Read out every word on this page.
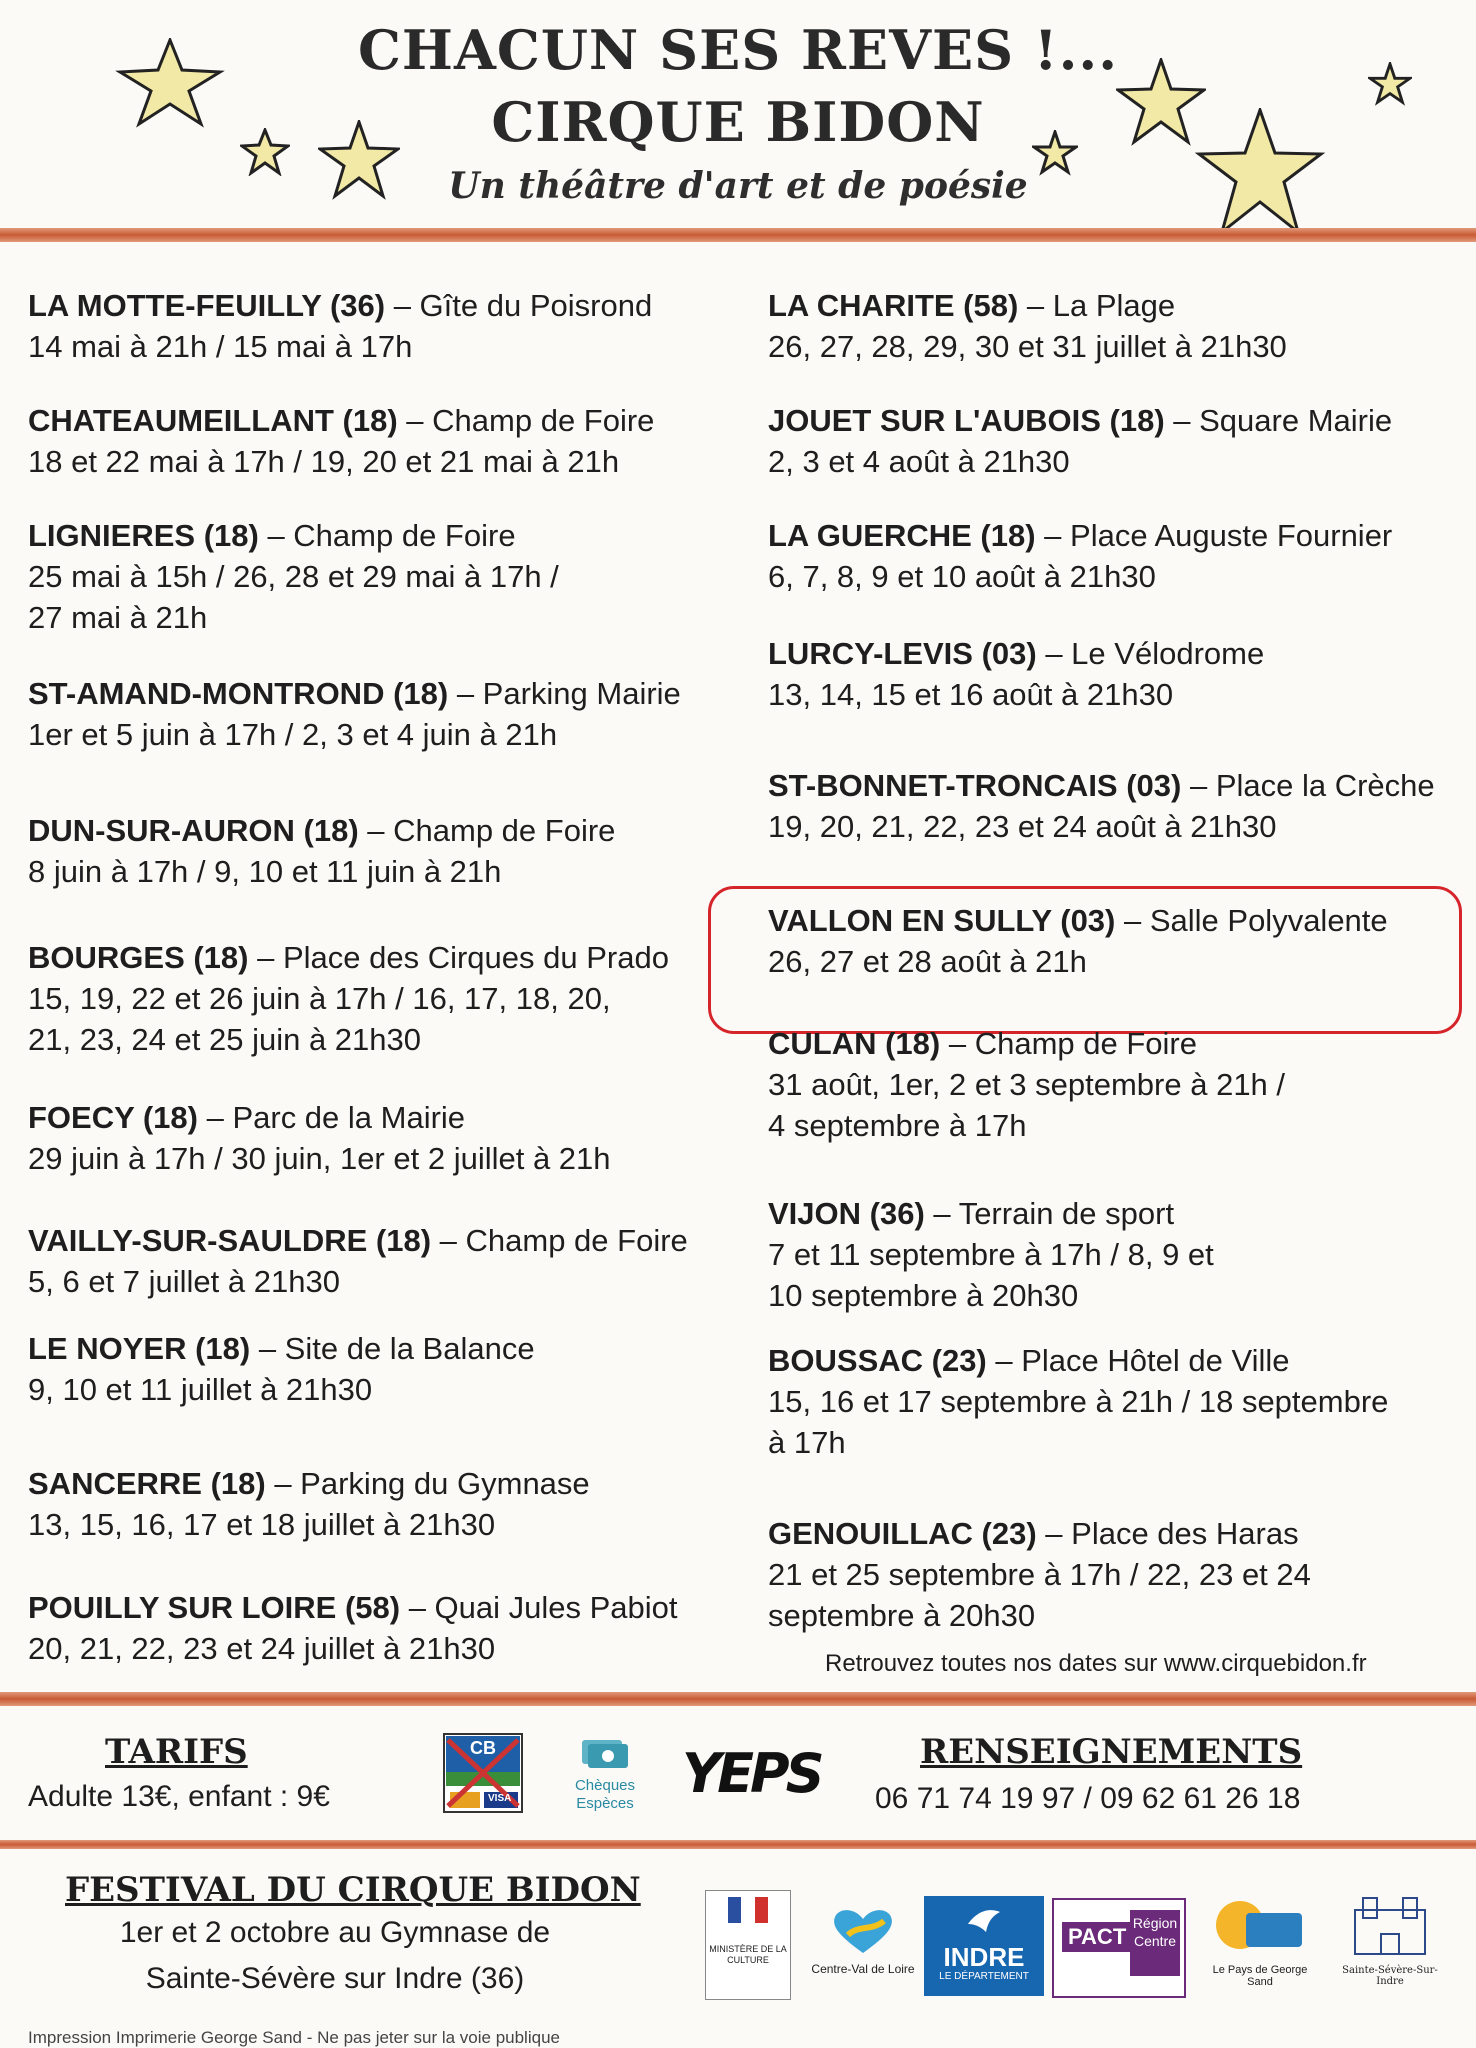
CHACUN SES REVES !...
CIRQUE BIDON
Un théâtre d'art et de poésie
LA MOTTE-FEUILLY (36) – Gîte du Poisrond
14 mai à 21h / 15 mai à 17h
CHATEAUMEILLANT (18) – Champ de Foire
18 et 22 mai à 17h / 19, 20 et 21 mai à 21h
LIGNIERES (18) – Champ de Foire
25 mai à 15h / 26, 28 et 29 mai à 17h /
27 mai à 21h
ST-AMAND-MONTROND (18) – Parking Mairie
1er et 5 juin à 17h / 2, 3 et 4 juin à 21h
DUN-SUR-AURON (18) – Champ de Foire
8 juin à 17h / 9, 10 et 11 juin à 21h
BOURGES (18) – Place des Cirques du Prado
15, 19, 22 et 26 juin à 17h / 16, 17, 18, 20,
21, 23, 24 et 25 juin à 21h30
FOECY (18) – Parc de la Mairie
29 juin à 17h / 30 juin, 1er et 2 juillet à 21h
VAILLY-SUR-SAULDRE (18) – Champ de Foire
5, 6 et 7 juillet à 21h30
LE NOYER (18) – Site de la Balance
9, 10 et 11 juillet à 21h30
SANCERRE (18) – Parking du Gymnase
13, 15, 16, 17 et 18 juillet à 21h30
POUILLY SUR LOIRE (58) – Quai Jules Pabiot
20, 21, 22, 23 et 24 juillet à 21h30
LA CHARITE (58) – La Plage
26, 27, 28, 29, 30 et 31 juillet à 21h30
JOUET SUR L'AUBOIS (18) – Square Mairie
2, 3 et 4 août à 21h30
LA GUERCHE (18) – Place Auguste Fournier
6, 7, 8, 9 et 10 août à 21h30
LURCY-LEVIS (03) – Le Vélodrome
13, 14, 15 et 16 août à 21h30
ST-BONNET-TRONCAIS (03) – Place la Crèche
19, 20, 21, 22, 23 et 24 août à 21h30
VALLON EN SULLY (03) – Salle Polyvalente
26, 27 et 28 août à 21h
CULAN (18) – Champ de Foire
31 août, 1er, 2 et 3 septembre à 21h /
4 septembre à 17h
VIJON (36) – Terrain de sport
7 et 11 septembre à 17h / 8, 9 et
10 septembre à 20h30
BOUSSAC (23) – Place Hôtel de Ville
15, 16 et 17 septembre à 21h / 18 septembre
à 17h
GENOUILLAC (23) – Place des Haras
21 et 25 septembre à 17h / 22, 23 et 24
septembre à 20h30
Retrouvez toutes nos dates sur www.cirquebidon.fr
TARIFS
Adulte 13€, enfant : 9€
CB
VISA
Chèques
Espèces YEPS	RENSEIGNEMENTS
06 71 74 19 97 / 09 62 61 26 18
FESTIVAL DU CIRQUE BIDON
1er et 2 octobre au Gymnase de
Sainte-Sévère sur Indre (36)
MINISTÈRE DE LA CULTURE
Centre-Val de Loire	INDRE
LE DÉPARTEMENT
PACT
Région Centre
Le Pays de George Sand
Sainte-Sévère-Sur-Indre
Impression Imprimerie George Sand - Ne pas jeter sur la voie publique
